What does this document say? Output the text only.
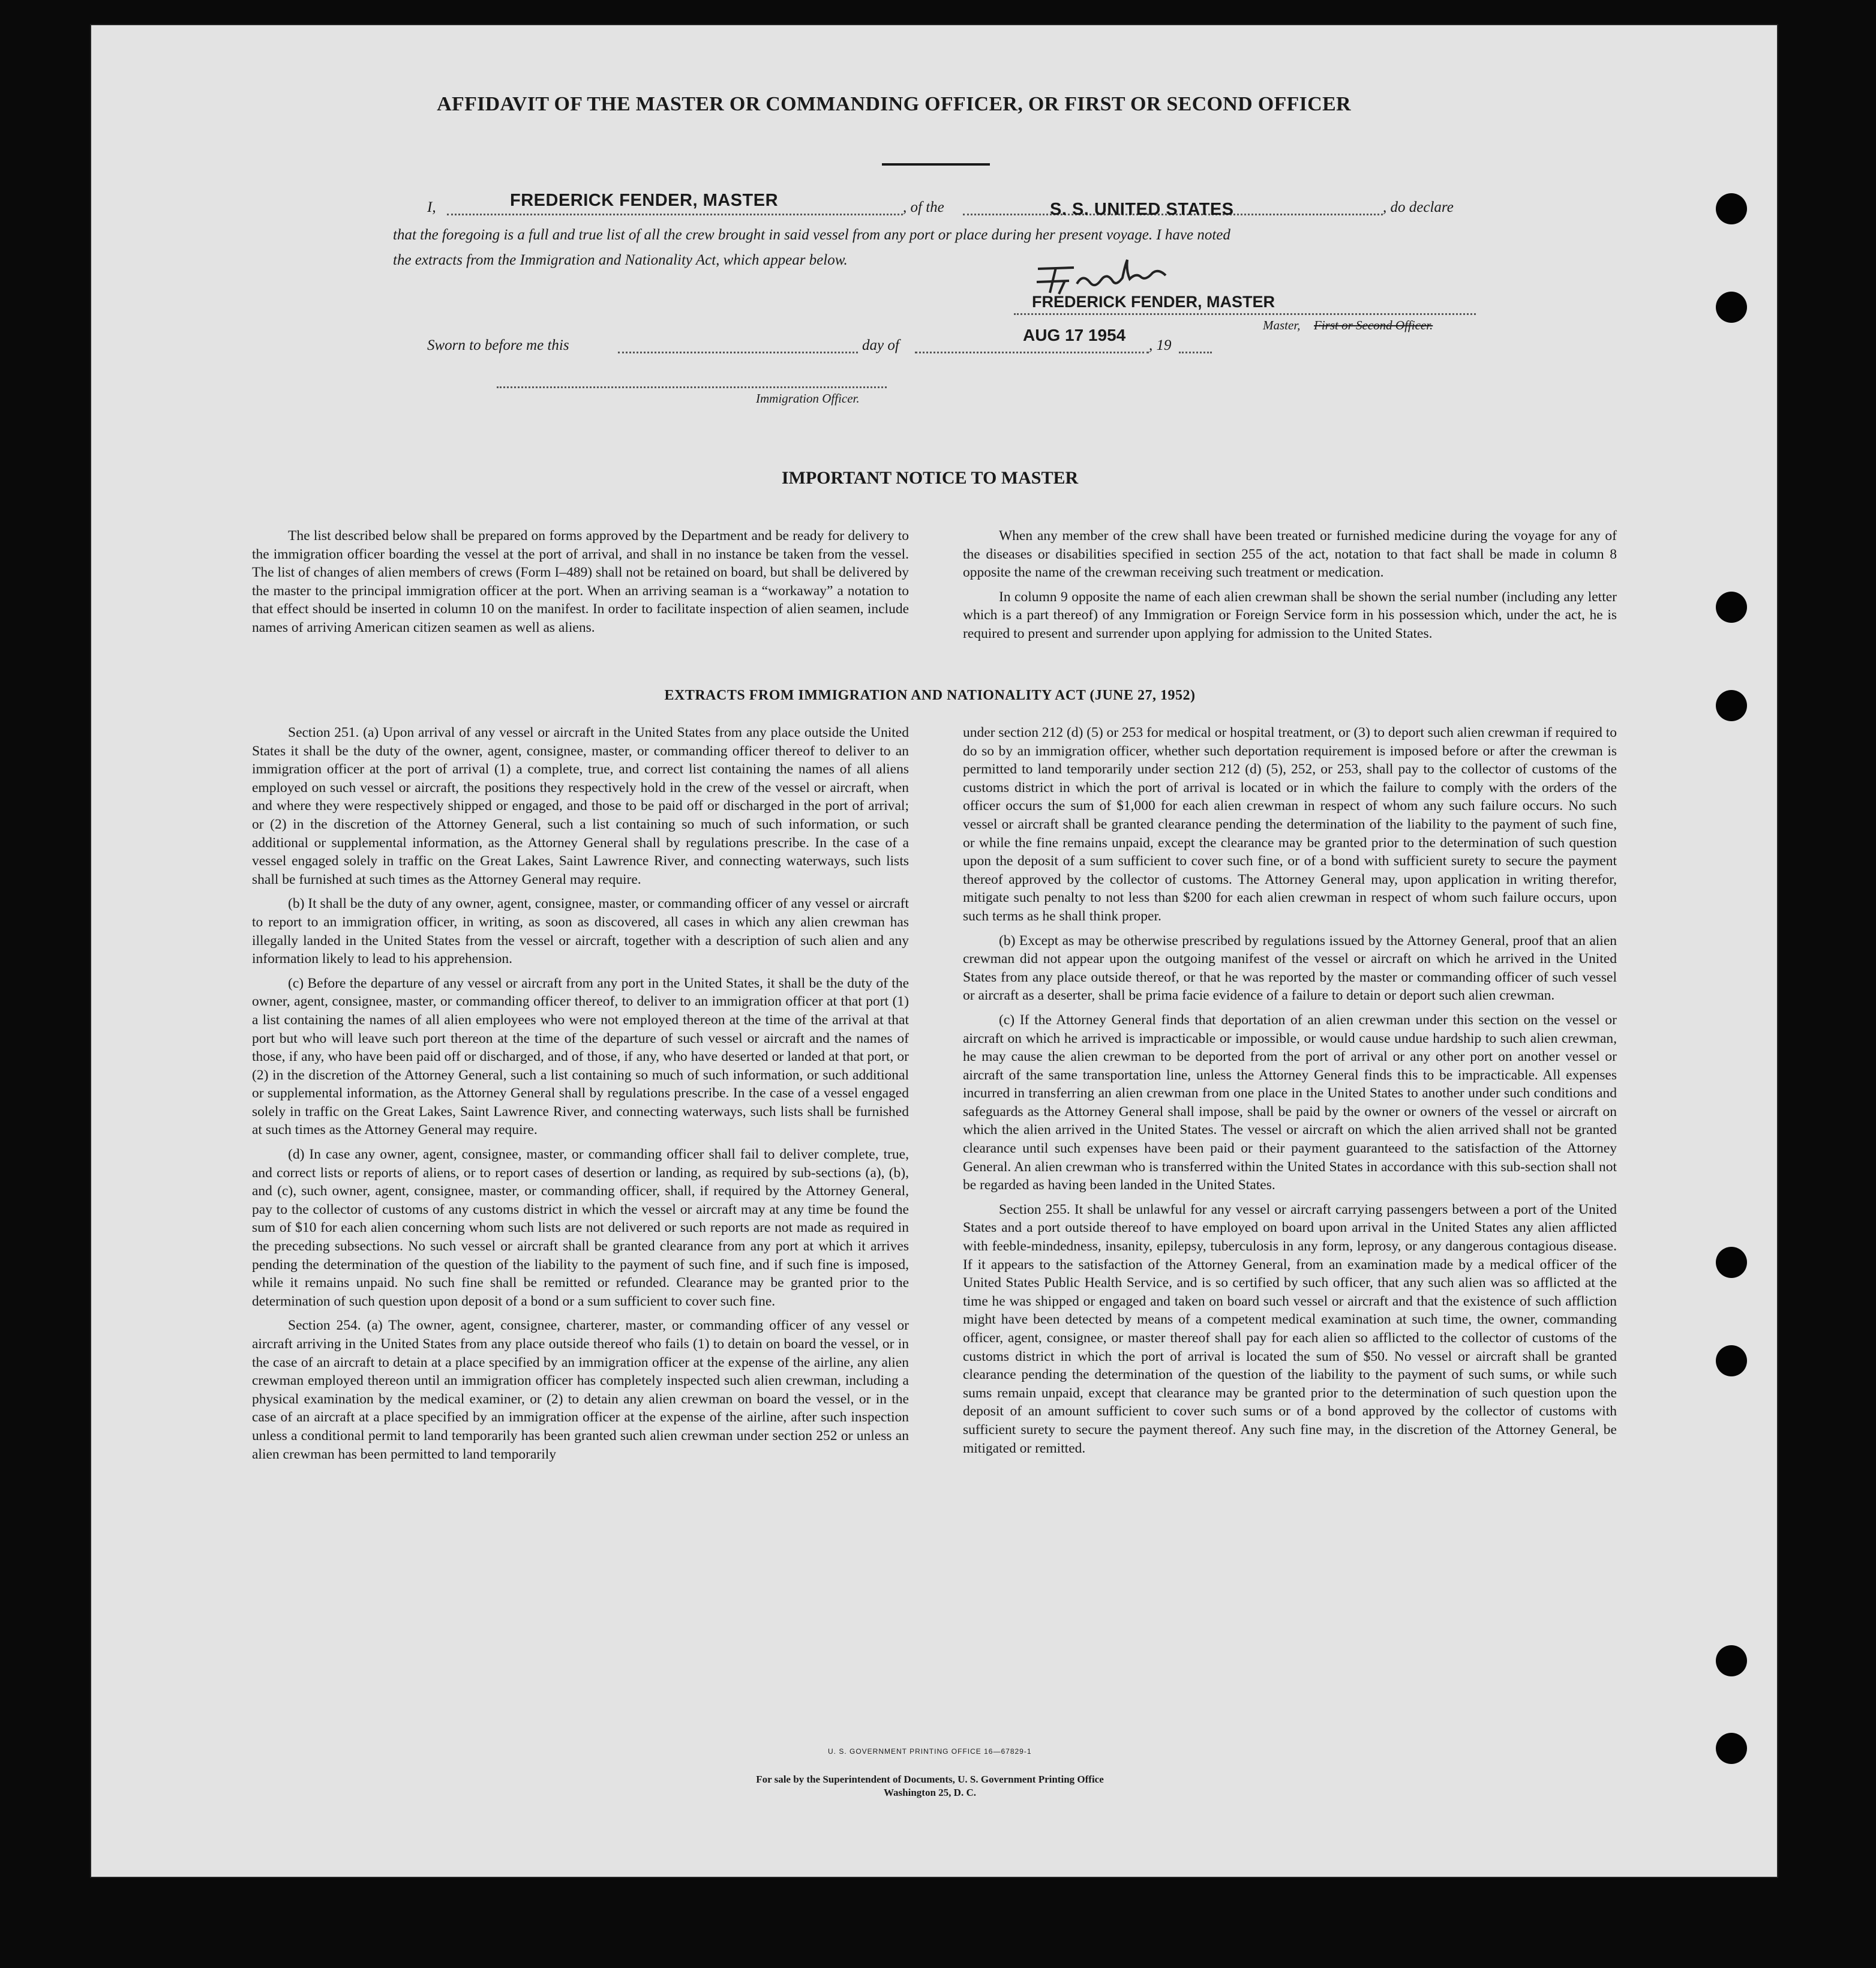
AFFIDAVIT OF THE MASTER OR COMMANDING OFFICER, OR FIRST OR SECOND OFFICER
I,	FREDERICK FENDER, MASTER	, of the	S. S. UNITED STATES	, do declare
that the foregoing is a full and true list of all the crew brought in said vessel from any port or place during her present voyage. I have noted
the extracts from the Immigration and Nationality Act, which appear below.
FREDERICK FENDER, MASTER
Master, First or Second Officer.
Sworn to before me this	day of
AUG 17 1954
, 19
Immigration Officer.
IMPORTANT NOTICE TO MASTER

The list described below shall be prepared on forms approved by the Department and be ready for delivery to the immigration officer boarding the vessel at the port of arrival, and shall in no instance be taken from the vessel. The list of changes of alien members of crews (Form I–489) shall not be retained on board, but shall be delivered by the master to the principal immigration officer at the port. When an arriving seaman is a “workaway” a notation to that effect should be inserted in column 10 on the manifest. In order to facilitate inspection of alien seamen, include names of arriving American citizen seamen as well as aliens.

When any member of the crew shall have been treated or furnished medicine during the voyage for any of the diseases or disabilities specified in section 255 of the act, notation to that fact shall be made in column 8 opposite the name of the crewman receiving such treatment or medication.

In column 9 opposite the name of each alien crewman shall be shown the serial number (including any letter which is a part thereof) of any Immigration or Foreign Service form in his possession which, under the act, he is required to present and surrender upon applying for admission to the United States.

EXTRACTS FROM IMMIGRATION AND NATIONALITY ACT (JUNE 27, 1952)

Section 251. (a) Upon arrival of any vessel or aircraft in the United States from any place outside the United States it shall be the duty of the owner, agent, consignee, master, or commanding officer thereof to deliver to an immigration officer at the port of arrival (1) a complete, true, and correct list containing the names of all aliens employed on such vessel or aircraft, the positions they respectively hold in the crew of the vessel or aircraft, when and where they were respectively shipped or engaged, and those to be paid off or discharged in the port of arrival; or (2) in the discretion of the Attorney General, such a list containing so much of such information, or such additional or supplemental information, as the Attorney General shall by regulations prescribe. In the case of a vessel engaged solely in traffic on the Great Lakes, Saint Lawrence River, and connecting waterways, such lists shall be furnished at such times as the Attorney General may require.

(b) It shall be the duty of any owner, agent, consignee, master, or commanding officer of any vessel or aircraft to report to an immigration officer, in writing, as soon as discovered, all cases in which any alien crewman has illegally landed in the United States from the vessel or aircraft, together with a description of such alien and any information likely to lead to his apprehension.

(c) Before the departure of any vessel or aircraft from any port in the United States, it shall be the duty of the owner, agent, consignee, master, or commanding officer thereof, to deliver to an immigration officer at that port (1) a list containing the names of all alien employees who were not employed thereon at the time of the arrival at that port but who will leave such port thereon at the time of the departure of such vessel or aircraft and the names of those, if any, who have been paid off or discharged, and of those, if any, who have deserted or landed at that port, or (2) in the discretion of the Attorney General, such a list containing so much of such information, or such additional or supplemental information, as the Attorney General shall by regulations prescribe. In the case of a vessel engaged solely in traffic on the Great Lakes, Saint Lawrence River, and connecting waterways, such lists shall be furnished at such times as the Attorney General may require.

(d) In case any owner, agent, consignee, master, or commanding officer shall fail to deliver complete, true, and correct lists or reports of aliens, or to report cases of desertion or landing, as required by sub-sections (a), (b), and (c), such owner, agent, consignee, master, or commanding officer, shall, if required by the Attorney General, pay to the collector of customs of any customs district in which the vessel or aircraft may at any time be found the sum of $10 for each alien concerning whom such lists are not delivered or such reports are not made as required in the preceding subsections. No such vessel or aircraft shall be granted clearance from any port at which it arrives pending the determination of the question of the liability to the payment of such fine, and if such fine is imposed, while it remains unpaid. No such fine shall be remitted or refunded. Clearance may be granted prior to the determination of such question upon deposit of a bond or a sum sufficient to cover such fine.

Section 254. (a) The owner, agent, consignee, charterer, master, or commanding officer of any vessel or aircraft arriving in the United States from any place outside thereof who fails (1) to detain on board the vessel, or in the case of an aircraft to detain at a place specified by an immigration officer at the expense of the airline, any alien crewman employed thereon until an immigration officer has completely inspected such alien crewman, including a physical examination by the medical examiner, or (2) to detain any alien crewman on board the vessel, or in the case of an aircraft at a place specified by an immigration officer at the expense of the airline, after such inspection unless a conditional permit to land temporarily has been granted such alien crewman under section 252 or unless an alien crewman has been permitted to land temporarily

under section 212 (d) (5) or 253 for medical or hospital treatment, or (3) to deport such alien crewman if required to do so by an immigration officer, whether such deportation requirement is imposed before or after the crewman is permitted to land temporarily under section 212 (d) (5), 252, or 253, shall pay to the collector of customs of the customs district in which the port of arrival is located or in which the failure to comply with the orders of the officer occurs the sum of $1,000 for each alien crewman in respect of whom any such failure occurs. No such vessel or aircraft shall be granted clearance pending the determination of the liability to the payment of such fine, or while the fine remains unpaid, except the clearance may be granted prior to the determination of such question upon the deposit of a sum sufficient to cover such fine, or of a bond with sufficient surety to secure the payment thereof approved by the collector of customs. The Attorney General may, upon application in writing therefor, mitigate such penalty to not less than $200 for each alien crewman in respect of whom such failure occurs, upon such terms as he shall think proper.

(b) Except as may be otherwise prescribed by regulations issued by the Attorney General, proof that an alien crewman did not appear upon the outgoing manifest of the vessel or aircraft on which he arrived in the United States from any place outside thereof, or that he was reported by the master or commanding officer of such vessel or aircraft as a deserter, shall be prima facie evidence of a failure to detain or deport such alien crewman.

(c) If the Attorney General finds that deportation of an alien crewman under this section on the vessel or aircraft on which he arrived is impracticable or impossible, or would cause undue hardship to such alien crewman, he may cause the alien crewman to be deported from the port of arrival or any other port on another vessel or aircraft of the same transportation line, unless the Attorney General finds this to be impracticable. All expenses incurred in transferring an alien crewman from one place in the United States to another under such conditions and safeguards as the Attorney General shall impose, shall be paid by the owner or owners of the vessel or aircraft on which the alien arrived in the United States. The vessel or aircraft on which the alien arrived shall not be granted clearance until such expenses have been paid or their payment guaranteed to the satisfaction of the Attorney General. An alien crewman who is transferred within the United States in accordance with this sub-section shall not be regarded as having been landed in the United States.

Section 255. It shall be unlawful for any vessel or aircraft carrying passengers between a port of the United States and a port outside thereof to have employed on board upon arrival in the United States any alien afflicted with feeble-mindedness, insanity, epilepsy, tuberculosis in any form, leprosy, or any dangerous contagious disease. If it appears to the satisfaction of the Attorney General, from an examination made by a medical officer of the United States Public Health Service, and is so certified by such officer, that any such alien was so afflicted at the time he was shipped or engaged and taken on board such vessel or aircraft and that the existence of such affliction might have been detected by means of a competent medical examination at such time, the owner, commanding officer, agent, consignee, or master thereof shall pay for each alien so afflicted to the collector of customs of the customs district in which the port of arrival is located the sum of $50. No vessel or aircraft shall be granted clearance pending the determination of the question of the liability to the payment of such sums, or while such sums remain unpaid, except that clearance may be granted prior to the determination of such question upon the deposit of an amount sufficient to cover such sums or of a bond approved by the collector of customs with sufficient surety to secure the payment thereof. Any such fine may, in the discretion of the Attorney General, be mitigated or remitted.

U. S. GOVERNMENT PRINTING OFFICE 16—67829-1
For sale by the Superintendent of Documents, U. S. Government Printing Office
Washington 25, D. C.
